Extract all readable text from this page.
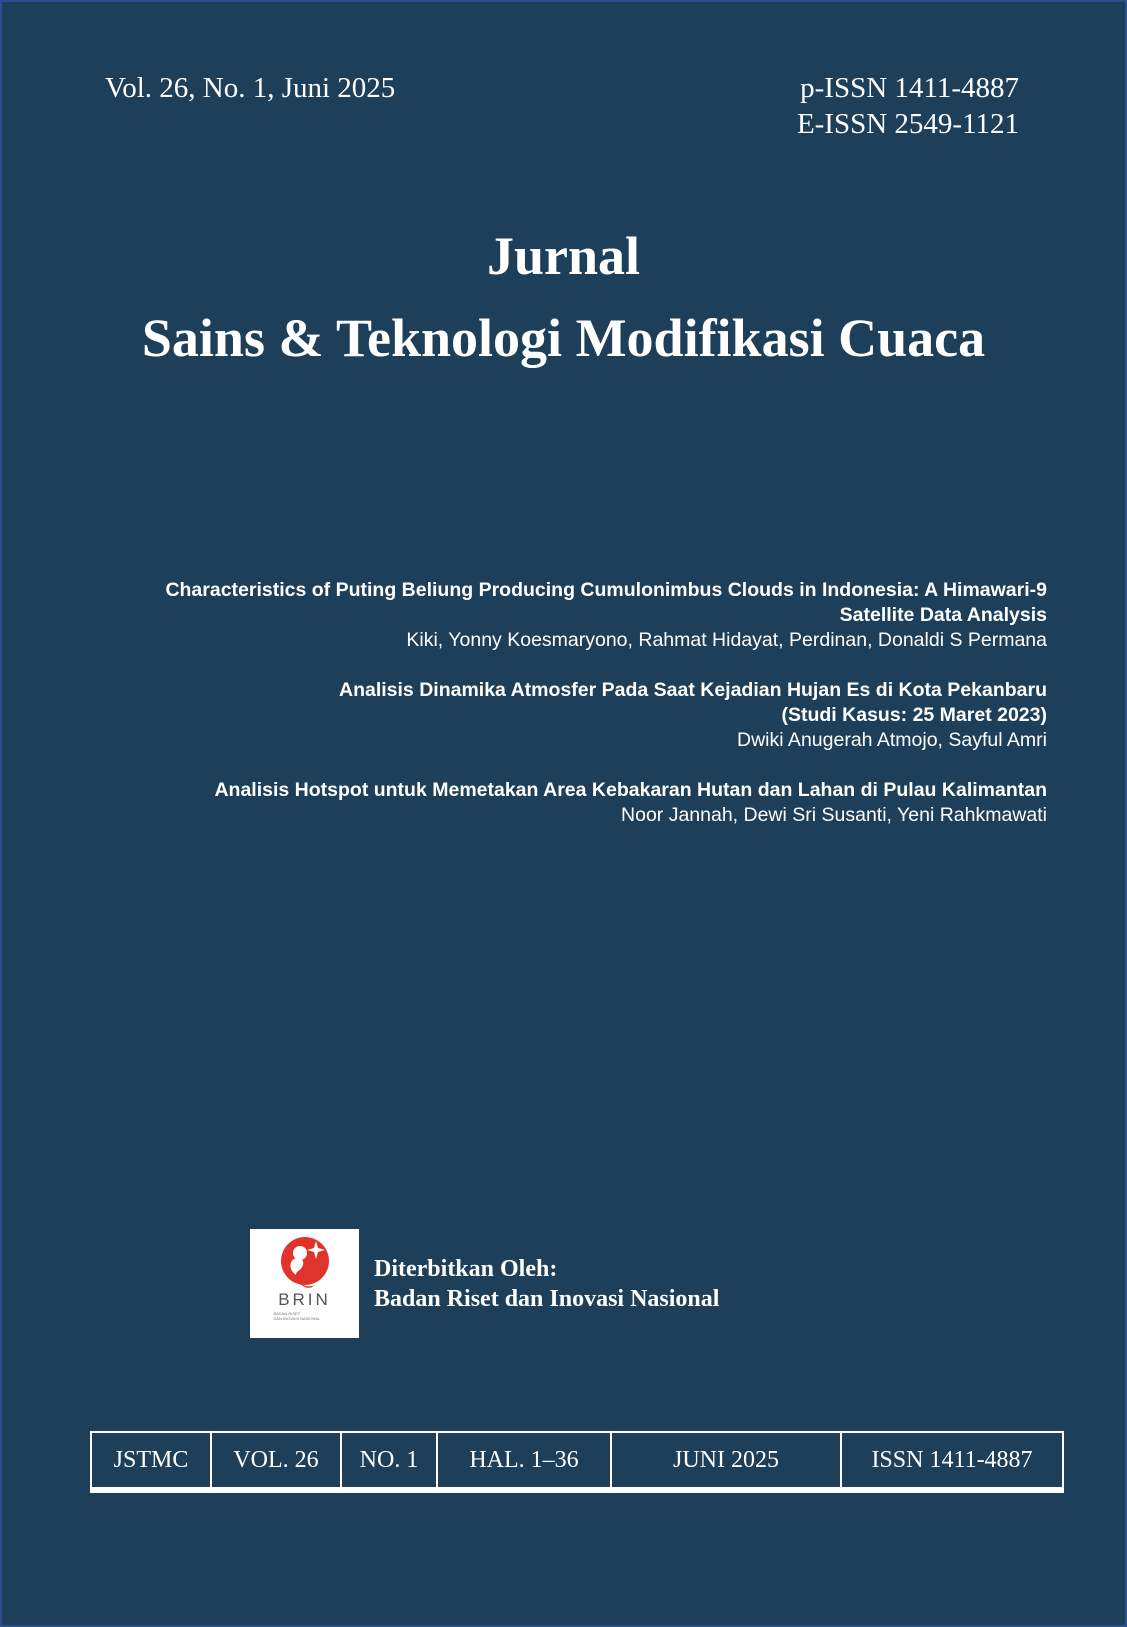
Vol. 26, No. 1, Juni 2025	p-ISSN 1411-4887
E-ISSN 2549-1121
Jurnal
Sains & Teknologi Modifikasi Cuaca
Characteristics of Puting Beliung Producing Cumulonimbus Clouds in Indonesia: A Himawari-9
Satellite Data Analysis
Kiki, Yonny Koesmaryono, Rahmat Hidayat, Perdinan, Donaldi S Permana
Analisis Dinamika Atmosfer Pada Saat Kejadian Hujan Es di Kota Pekanbaru
(Studi Kasus: 25 Maret 2023)
Dwiki Anugerah Atmojo, Sayful Amri
Analisis Hotspot untuk Memetakan Area Kebakaran Hutan dan Lahan di Pulau Kalimantan
Noor Jannah, Dewi Sri Susanti, Yeni Rahkmawati
BRIN
BADAN RISET
DAN INOVASI NASIONAL
Diterbitkan Oleh:
Badan Riset dan Inovasi Nasional
JSTMC	VOL. 26	NO. 1	HAL. 1–36	JUNI 2025	ISSN 1411-4887
